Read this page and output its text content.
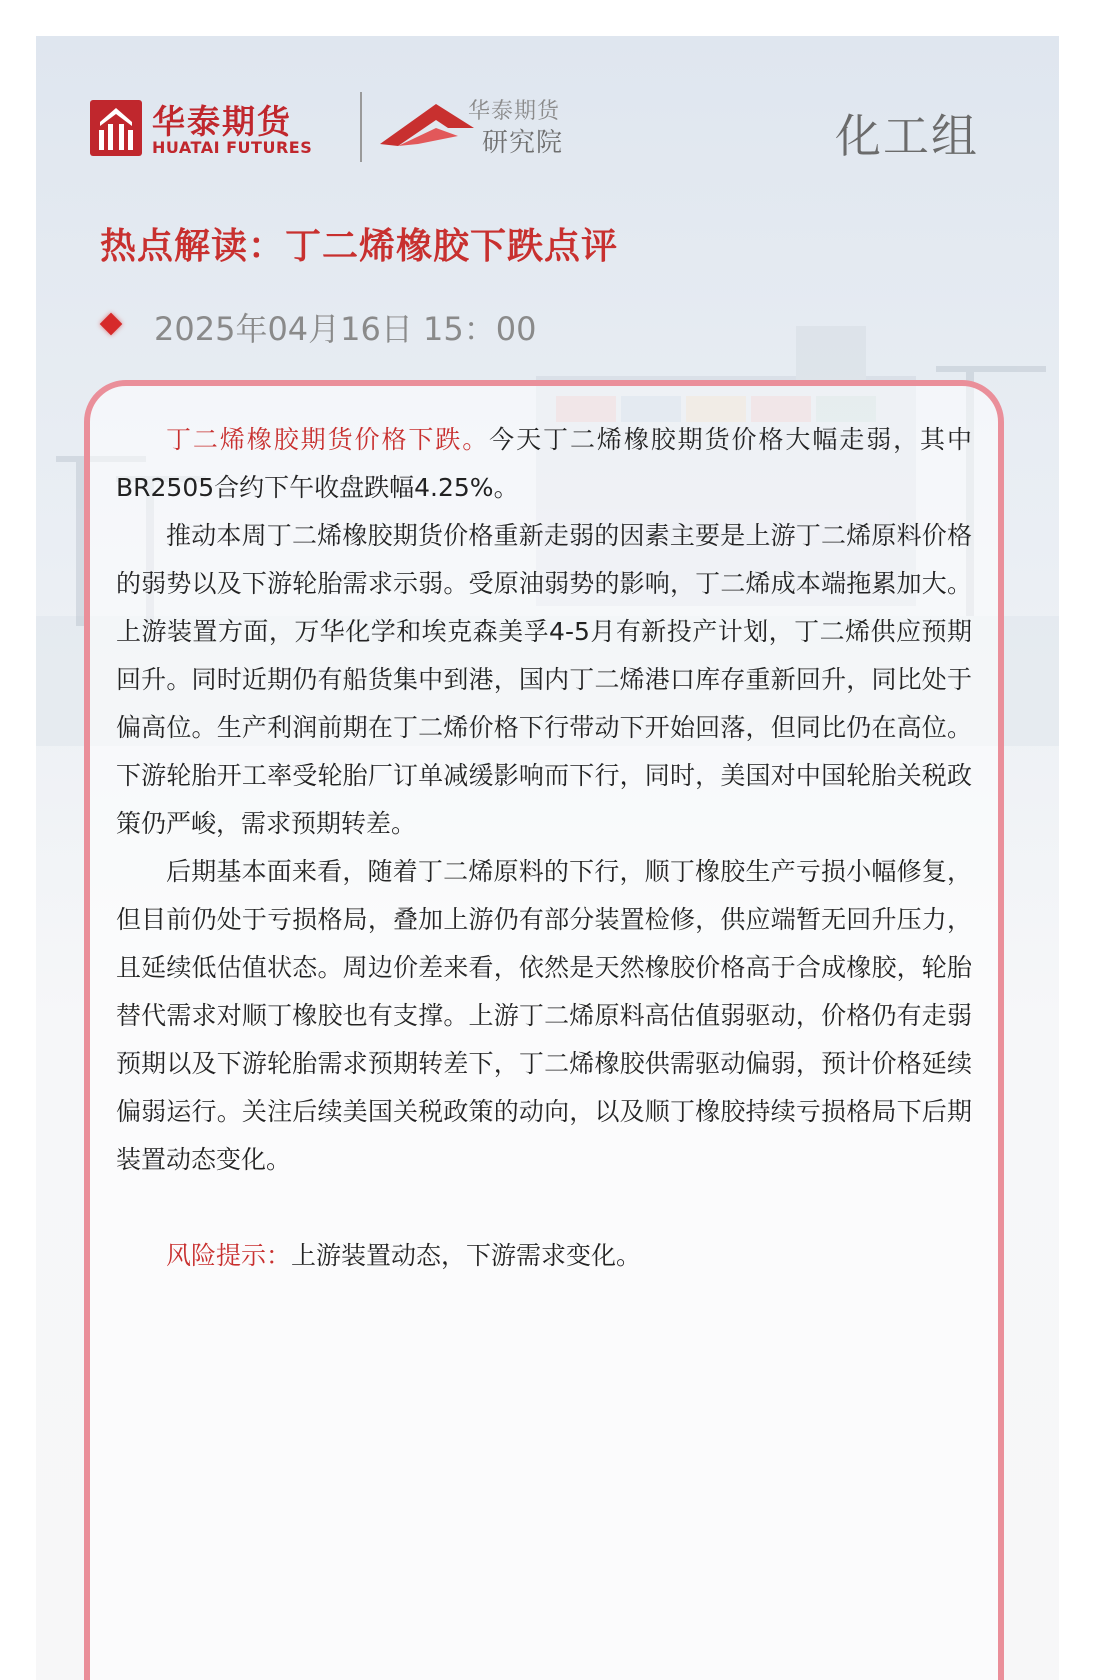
华泰期货
HUATAI FUTURES
华泰期货
研究院	化工组
热点解读：丁二烯橡胶下跌点评
2025年04月16日 15：00

丁二烯橡胶期货价格下跌。今天丁二烯橡胶期货价格大幅走弱，其中BR2505合约下午收盘跌幅4.25%。

推动本周丁二烯橡胶期货价格重新走弱的因素主要是上游丁二烯原料价格的弱势以及下游轮胎需求示弱。受原油弱势的影响，丁二烯成本端拖累加大。上游装置方面，万华化学和埃克森美孚4-5月有新投产计划，丁二烯供应预期回升。同时近期仍有船货集中到港，国内丁二烯港口库存重新回升，同比处于偏高位。生产利润前期在丁二烯价格下行带动下开始回落，但同比仍在高位。下游轮胎开工率受轮胎厂订单减缓影响而下行，同时，美国对中国轮胎关税政策仍严峻，需求预期转差。

后期基本面来看，随着丁二烯原料的下行，顺丁橡胶生产亏损小幅修复，但目前仍处于亏损格局，叠加上游仍有部分装置检修，供应端暂无回升压力，且延续低估值状态。周边价差来看，依然是天然橡胶价格高于合成橡胶，轮胎替代需求对顺丁橡胶也有支撑。上游丁二烯原料高估值弱驱动，价格仍有走弱预期以及下游轮胎需求预期转差下，丁二烯橡胶供需驱动偏弱，预计价格延续偏弱运行。关注后续美国关税政策的动向，以及顺丁橡胶持续亏损格局下后期装置动态变化。

风险提示：上游装置动态，下游需求变化。
